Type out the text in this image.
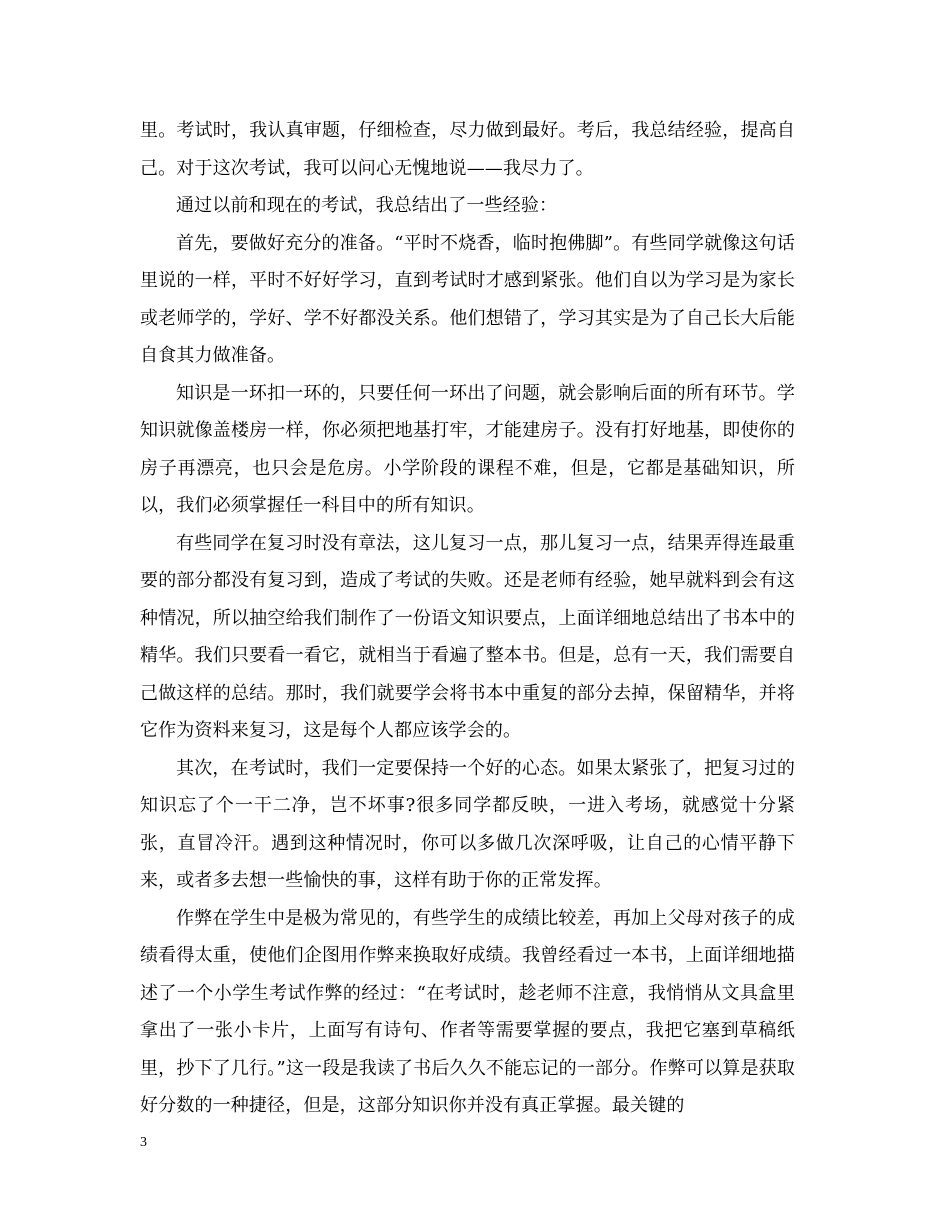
里。考试时，我认真审题，仔细检查，尽力做到最好。考后，我总结经验，提高自己。对于这次考试，我可以问心无愧地说——我尽力了。

通过以前和现在的考试，我总结出了一些经验：

首先，要做好充分的准备。“平时不烧香，临时抱佛脚”。有些同学就像这句话里说的一样，平时不好好学习，直到考试时才感到紧张。他们自以为学习是为家长或老师学的，学好、学不好都没关系。他们想错了，学习其实是为了自己长大后能自食其力做准备。

知识是一环扣一环的，只要任何一环出了问题，就会影响后面的所有环节。学知识就像盖楼房一样，你必须把地基打牢，才能建房子。没有打好地基，即使你的房子再漂亮，也只会是危房。小学阶段的课程不难，但是，它都是基础知识，所以，我们必须掌握任一科目中的所有知识。

有些同学在复习时没有章法，这儿复习一点，那儿复习一点，结果弄得连最重要的部分都没有复习到，造成了考试的失败。还是老师有经验，她早就料到会有这种情况，所以抽空给我们制作了一份语文知识要点，上面详细地总结出了书本中的精华。我们只要看一看它，就相当于看遍了整本书。但是，总有一天，我们需要自己做这样的总结。那时，我们就要学会将书本中重复的部分去掉，保留精华，并将它作为资料来复习，这是每个人都应该学会的。

其次，在考试时，我们一定要保持一个好的心态。如果太紧张了，把复习过的知识忘了个一干二净，岂不坏事?很多同学都反映，一进入考场，就感觉十分紧张，直冒冷汗。遇到这种情况时，你可以多做几次深呼吸，让自己的心情平静下来，或者多去想一些愉快的事，这样有助于你的正常发挥。

作弊在学生中是极为常见的，有些学生的成绩比较差，再加上父母对孩子的成绩看得太重，使他们企图用作弊来换取好成绩。我曾经看过一本书，上面详细地描述了一个小学生考试作弊的经过：“在考试时，趁老师不注意，我悄悄从文具盒里拿出了一张小卡片，上面写有诗句、作者等需要掌握的要点，我把它塞到草稿纸里，抄下了几行。”这一段是我读了书后久久不能忘记的一部分。作弊可以算是获取好分数的一种捷径，但是，这部分知识你并没有真正掌握。最关键的

3
